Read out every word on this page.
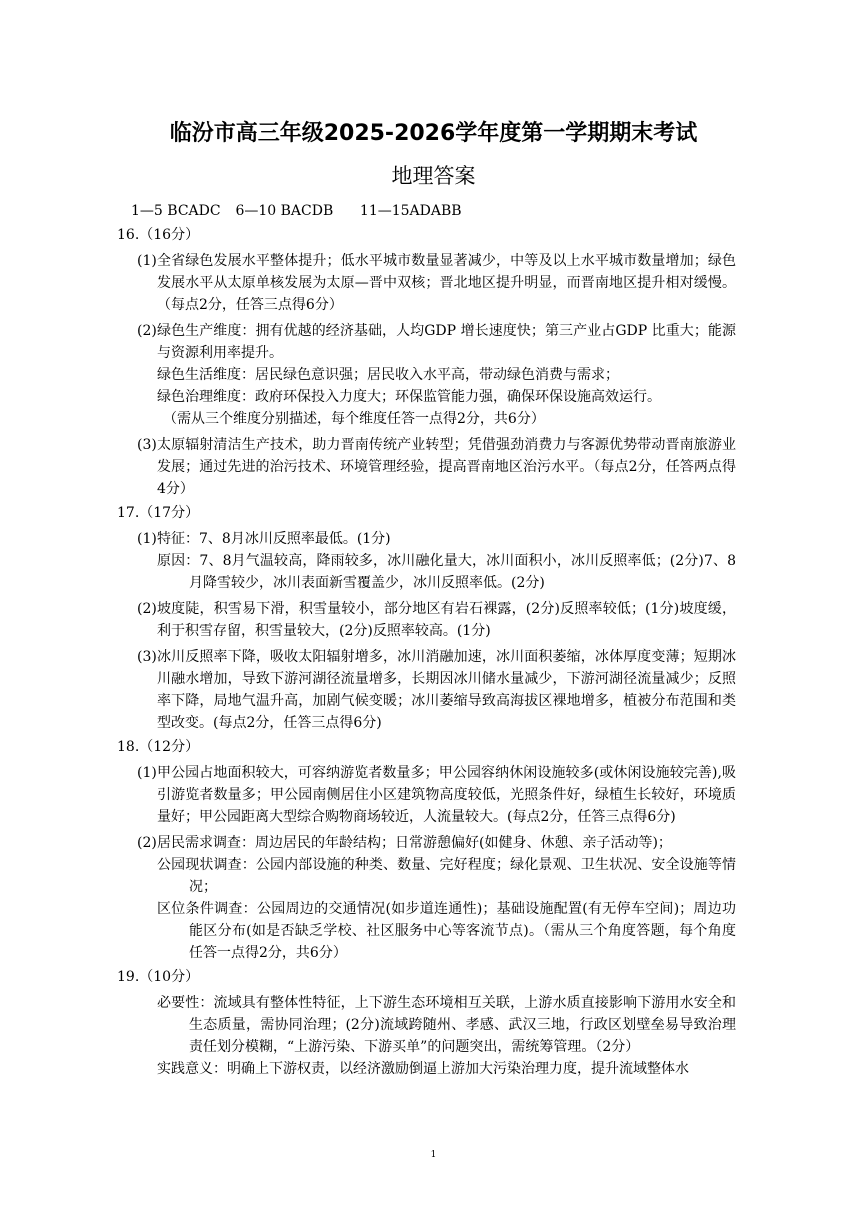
临汾市高三年级2025-2026学年度第一学期期末考试
地理答案
1—5 BCADC 6—10 BACDB 11—15ADABB
16.（16分）
(1) 全省绿色发展水平整体提升；低水平城市数量显著减少，中等及以上水平城市数量增加；绿色发展水平从太原单核发展为太原—晋中双核；晋北地区提升明显，而晋南地区提升相对缓慢。（每点2分，任答三点得6分）

(2) 绿色生产维度：拥有优越的经济基础，人均GDP 增长速度快；第三产业占GDP 比重大；能源与资源利用率提升。

绿色生活维度：居民绿色意识强；居民收入水平高，带动绿色消费与需求；

绿色治理维度：政府环保投入力度大；环保监管能力强，确保环保设施高效运行。

（需从三个维度分别描述，每个维度任答一点得2分，共6分）

(3) 太原辐射清洁生产技术，助力晋南传统产业转型；凭借强劲消费力与客源优势带动晋南旅游业发展；通过先进的治污技术、环境管理经验，提高晋南地区治污水平。（每点2分，任答两点得4分）

17.（17分）
(1) 特征：7、8月冰川反照率最低。(1分)

原因：7、8月气温较高，降雨较多，冰川融化量大，冰川面积小，冰川反照率低；(2分)7、8月降雪较少，冰川表面新雪覆盖少，冰川反照率低。(2分)

(2) 坡度陡，积雪易下滑，积雪量较小，部分地区有岩石裸露，(2分)反照率较低；(1分)坡度缓，利于积雪存留，积雪量较大，(2分)反照率较高。(1分)

(3) 冰川反照率下降，吸收太阳辐射增多，冰川消融加速，冰川面积萎缩，冰体厚度变薄；短期冰川融水增加，导致下游河湖径流量增多，长期因冰川储水量减少，下游河湖径流量减少；反照率下降，局地气温升高，加剧气候变暖；冰川萎缩导致高海拔区裸地增多，植被分布范围和类型改变。(每点2分，任答三点得6分)

18.（12分）
(1) 甲公园占地面积较大，可容纳游览者数量多；甲公园容纳休闲设施较多(或休闲设施较完善),吸引游览者数量多；甲公园南侧居住小区建筑物高度较低，光照条件好，绿植生长较好，环境质量好；甲公园距离大型综合购物商场较近，人流量较大。(每点2分，任答三点得6分)

(2) 居民需求调查：周边居民的年龄结构；日常游憩偏好(如健身、休憩、亲子活动等)；

公园现状调查：公园内部设施的种类、数量、完好程度；绿化景观、卫生状况、安全设施等情况；

区位条件调查：公园周边的交通情况(如步道连通性)；基础设施配置(有无停车空间)；周边功能区分布(如是否缺乏学校、社区服务中心等客流节点)。（需从三个角度答题，每个角度任答一点得2分，共6分）

19.（10分）

必要性：流域具有整体性特征，上下游生态环境相互关联，上游水质直接影响下游用水安全和生态质量，需协同治理；(2分)流域跨随州、孝感、武汉三地，行政区划壁垒易导致治理责任划分模糊，“上游污染、下游买单”的问题突出，需统筹管理。（2分）

实践意义：明确上下游权责，以经济激励倒逼上游加大污染治理力度，提升流域整体水

1
